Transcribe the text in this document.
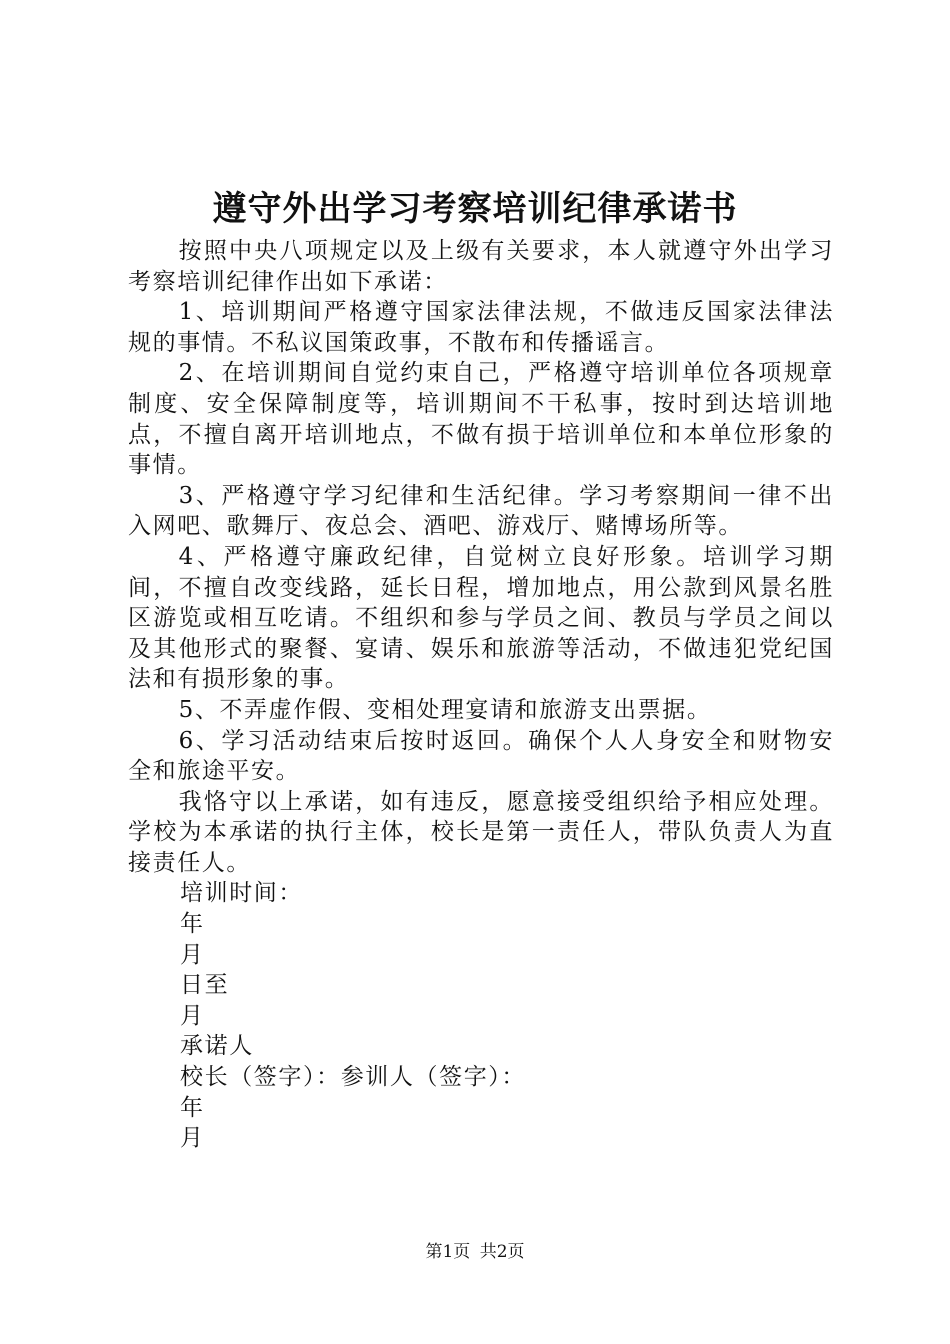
遵守外出学习考察培训纪律承诺书

按照中央八项规定以及上级有关要求，本人就遵守外出学习考察培训纪律作出如下承诺：

1、培训期间严格遵守国家法律法规，不做违反国家法律法规的事情。不私议国策政事，不散布和传播谣言。

2、在培训期间自觉约束自己，严格遵守培训单位各项规章制度、安全保障制度等，培训期间不干私事，按时到达培训地点，不擅自离开培训地点，不做有损于培训单位和本单位形象的事情。

3、严格遵守学习纪律和生活纪律。学习考察期间一律不出入网吧、歌舞厅、夜总会、酒吧、游戏厅、赌博场所等。

4、严格遵守廉政纪律，自觉树立良好形象。培训学习期间，不擅自改变线路，延长日程，增加地点，用公款到风景名胜区游览或相互吃请。不组织和参与学员之间、教员与学员之间以及其他形式的聚餐、宴请、娱乐和旅游等活动，不做违犯党纪国法和有损形象的事。

5、不弄虚作假、变相处理宴请和旅游支出票据。

6、学习活动结束后按时返回。确保个人人身安全和财物安全和旅途平安。

我恪守以上承诺，如有违反，愿意接受组织给予相应处理。学校为本承诺的执行主体，校长是第一责任人，带队负责人为直接责任人。

培训时间：
年
月
日至
月
承诺人
校长（签字）：参训人（签字）：
年
月
第1页 共2页
